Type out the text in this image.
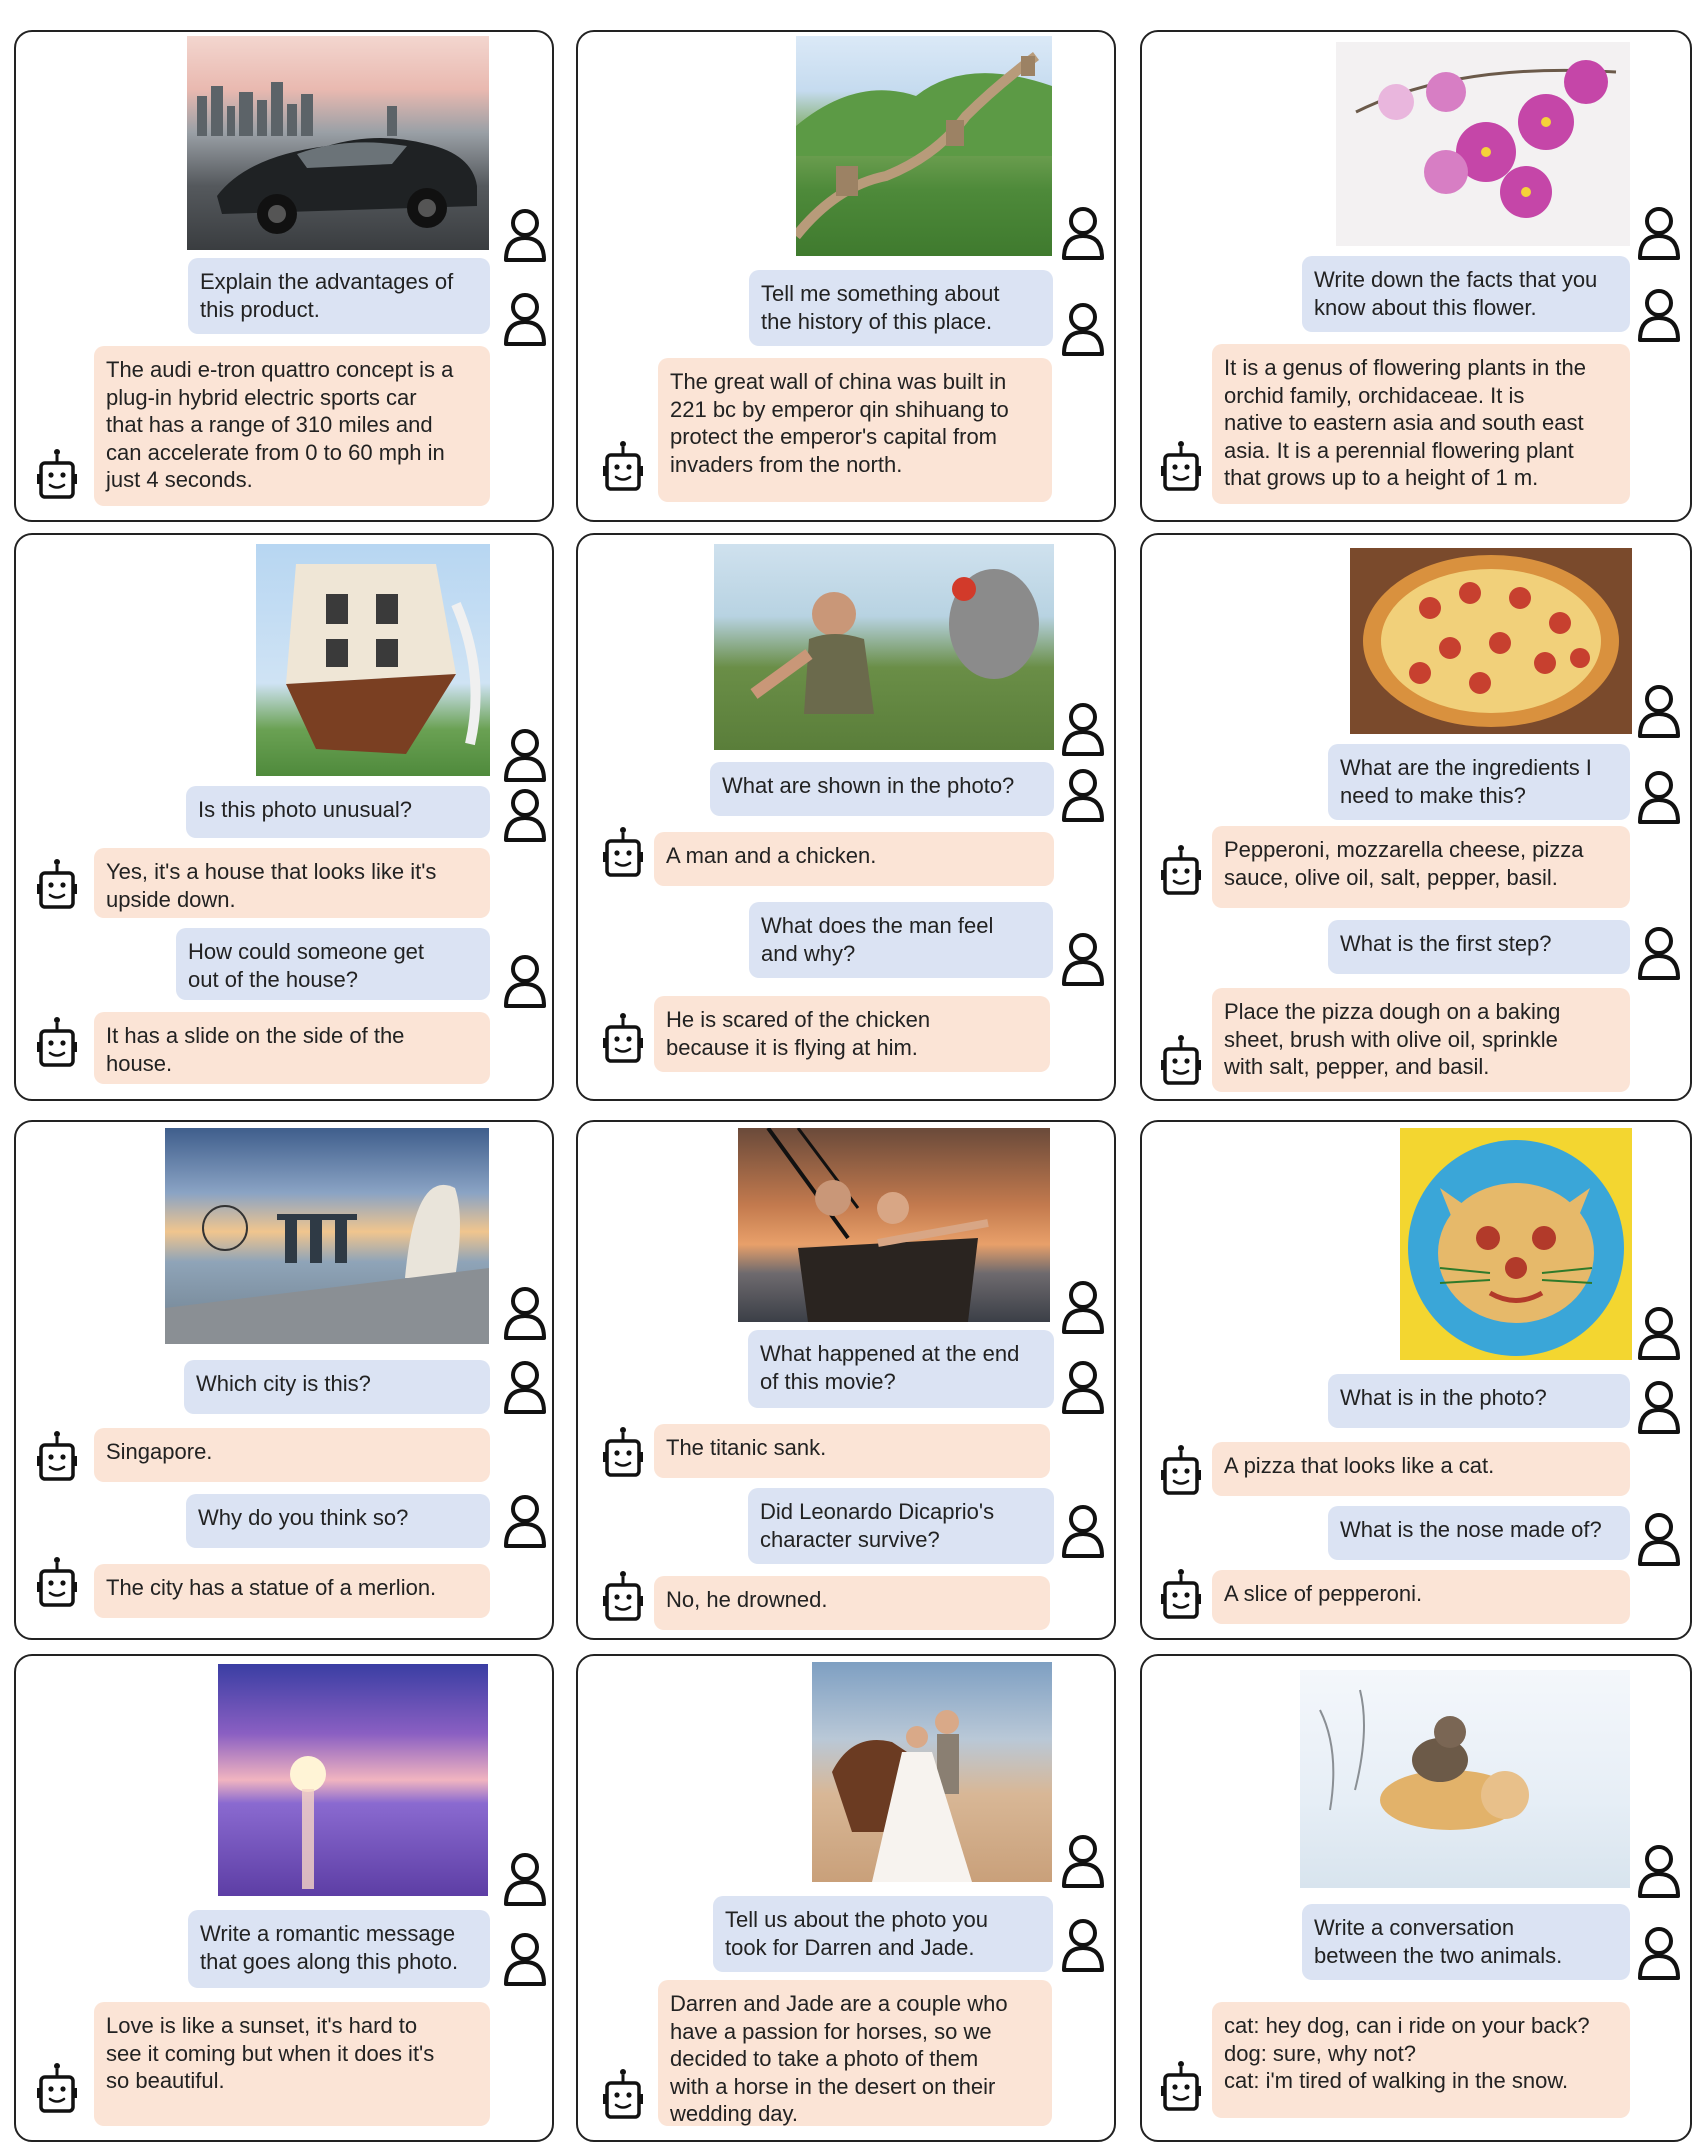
Explain the advantages of
this product.
The audi e-tron quattro concept is a
plug-in hybrid electric sports car
that has a range of 310 miles and
can accelerate from 0 to 60 mph in
just 4 seconds.
Tell me something about
the history of this place.
The great wall of china was built in
221 bc by emperor qin shihuang to
protect the emperor's capital from
invaders from the north.
Write down the facts that you
know about this flower.
It is a genus of flowering plants in the
orchid family, orchidaceae. It is
native to eastern asia and south east
asia. It is a perennial flowering plant
that grows up to a height of 1 m.
Is this photo unusual?
Yes, it's a house that looks like it's
upside down.
How could someone get
out of the house?
It has a slide on the side of the
house.
What are shown in the photo?
A man and a chicken.
What does the man feel
and why?
He is scared of the chicken
because it is flying at him.
What are the ingredients I
need to make this?
Pepperoni, mozzarella cheese, pizza
sauce, olive oil, salt, pepper, basil.
What is the first step?
Place the pizza dough on a baking
sheet, brush with olive oil, sprinkle
with salt, pepper, and basil.
Which city is this?
Singapore.
Why do you think so?
The city has a statue of a merlion.
What happened at the end
of this movie?
The titanic sank.
Did Leonardo Dicaprio's
character survive?
No, he drowned.
What is in the photo?
A pizza that looks like a cat.
What is the nose made of?
A slice of pepperoni.
Write a romantic message
that goes along this photo.
Love is like a sunset, it's hard to
see it coming but when it does it's
so beautiful.
Tell us about the photo you
took for Darren and Jade.
Darren and Jade are a couple who
have a passion for horses, so we
decided to take a photo of them
with a horse in the desert on their
wedding day.
Write a conversation
between the two animals.
cat: hey dog, can i ride on your back?
dog: sure, why not?
cat: i'm tired of walking in the snow.
